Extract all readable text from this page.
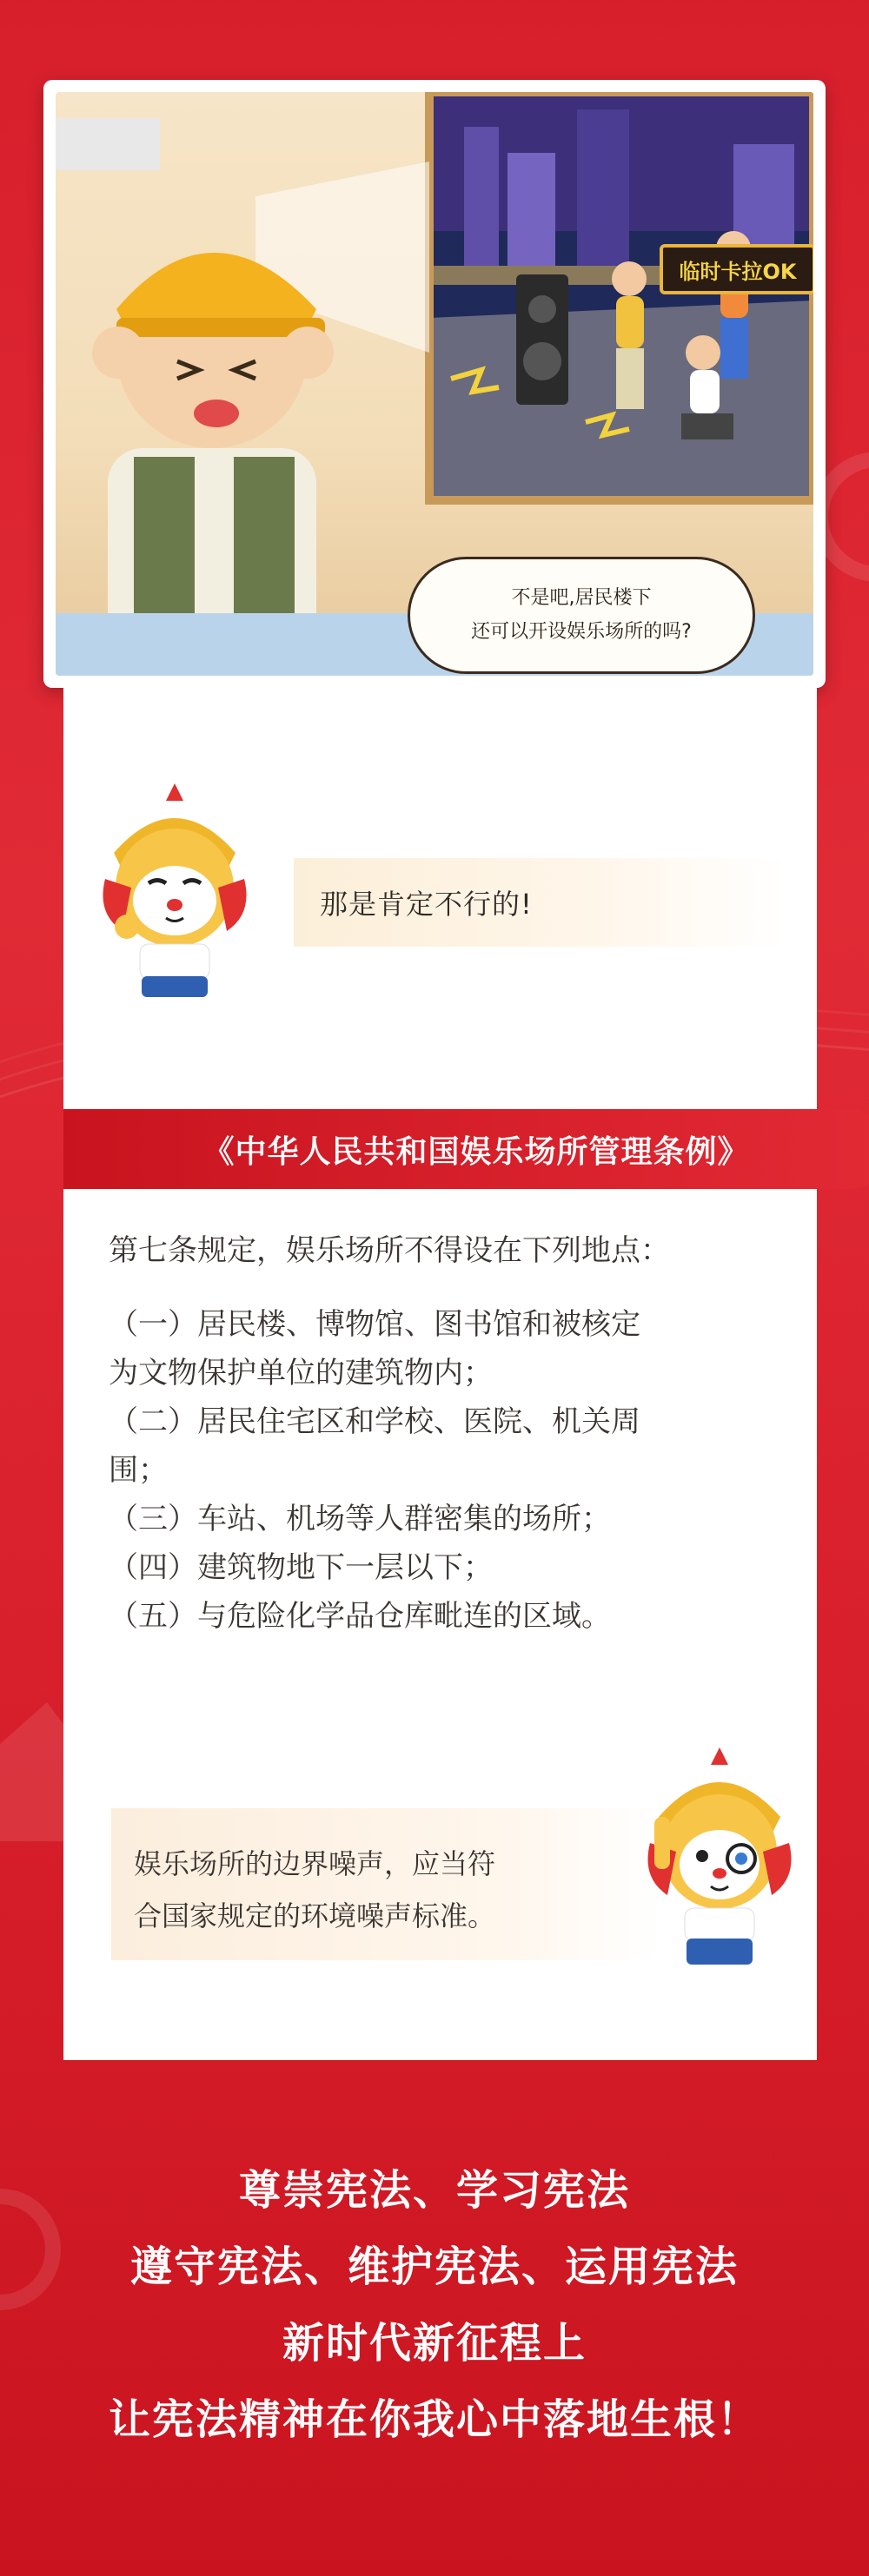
临时卡拉OK
不是吧,居民楼下
还可以开设娱乐场所的吗?
那是肯定不行的!
《中华人民共和国娱乐场所管理条例》
第七条规定，娱乐场所不得设在下列地点：
（一）居民楼、博物馆、图书馆和被核定
为文物保护单位的建筑物内；
（二）居民住宅区和学校、医院、机关周
围；
（三）车站、机场等人群密集的场所；
（四）建筑物地下一层以下；
（五）与危险化学品仓库毗连的区域。
娱乐场所的边界噪声，应当符
合国家规定的环境噪声标准。
尊崇宪法、学习宪法
遵守宪法、维护宪法、运用宪法
新时代新征程上
让宪法精神在你我心中落地生根！
